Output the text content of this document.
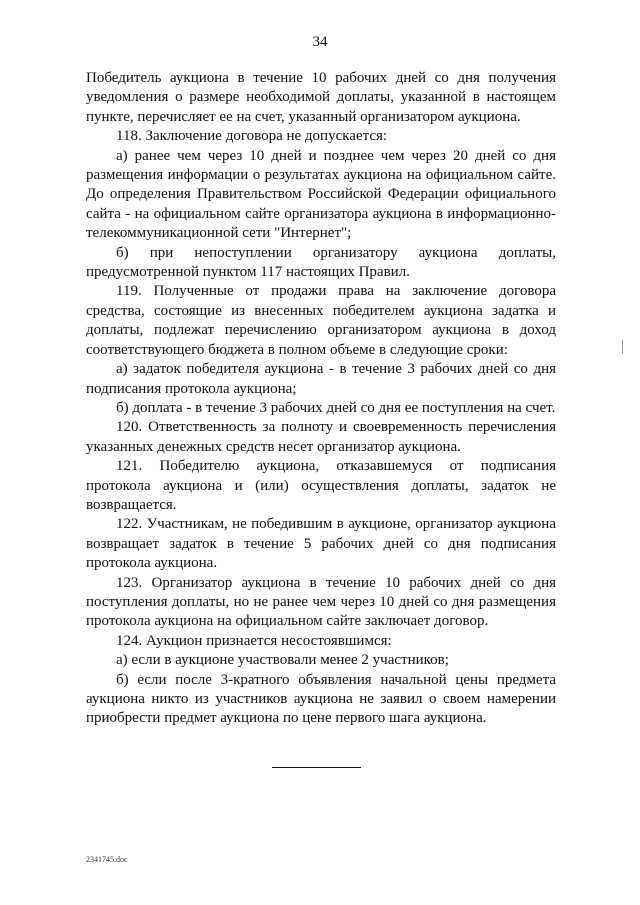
34

Победитель аукциона в течение 10 рабочих дней со дня получения уведомления о размере необходимой доплаты, указанной в настоящем пункте, перечисляет ее на счет, указанный организатором аукциона.

118. Заключение договора не допускается:

а) ранее чем через 10 дней и позднее чем через 20 дней со дня размещения информации о результатах аукциона на официальном сайте. До определения Правительством Российской Федерации официального сайта - на официальном сайте организатора аукциона в информационно-телекоммуникационной сети "Интернет";

б) при непоступлении организатору аукциона доплаты, предусмотренной пунктом 117 настоящих Правил.

119. Полученные от продажи права на заключение договора средства, состоящие из внесенных победителем аукциона задатка и доплаты, подлежат перечислению организатором аукциона в доход соответствующего бюджета в полном объеме в следующие сроки:

а) задаток победителя аукциона - в течение 3 рабочих дней со дня подписания протокола аукциона;

б) доплата - в течение 3 рабочих дней со дня ее поступления на счет.

120. Ответственность за полноту и своевременность перечисления указанных денежных средств несет организатор аукциона.

121. Победителю аукциона, отказавшемуся от подписания протокола аукциона и (или) осуществления доплаты, задаток не возвращается.

122. Участникам, не победившим в аукционе, организатор аукциона возвращает задаток в течение 5 рабочих дней со дня подписания протокола аукциона.

123. Организатор аукциона в течение 10 рабочих дней со дня поступления доплаты, но не ранее чем через 10 дней со дня размещения протокола аукциона на официальном сайте заключает договор.

124. Аукцион признается несостоявшимся:

а) если в аукционе участвовали менее 2 участников;

б) если после 3-кратного объявления начальной цены предмета аукциона никто из участников аукциона не заявил о своем намерении приобрести предмет аукциона по цене первого шага аукциона.

2341745.doc
